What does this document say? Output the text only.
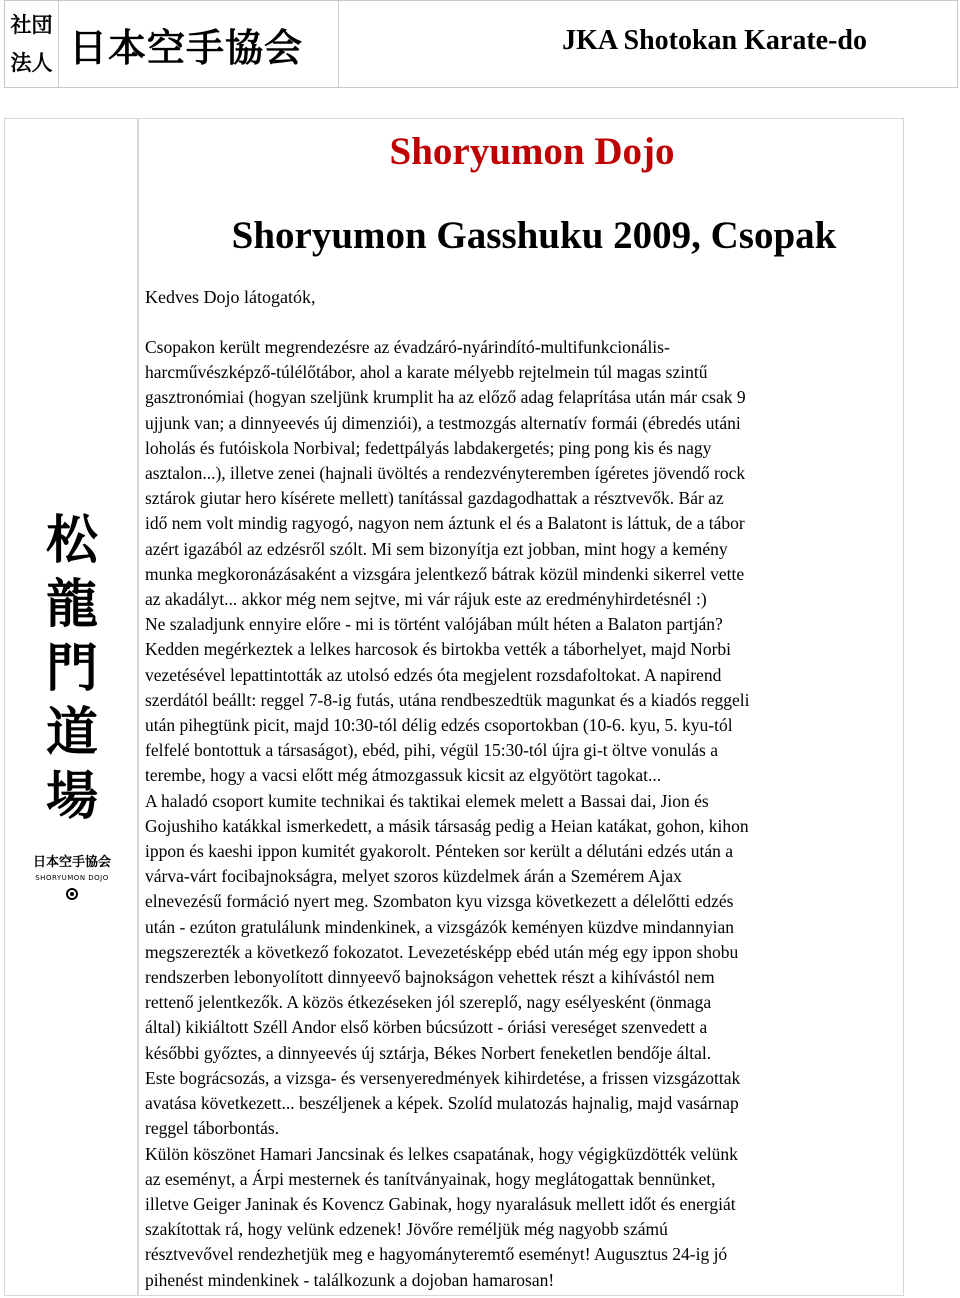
社団
法人 日本空手協会	JKA Shotokan Karate-do
松
龍
門
道
場
日本空手協会
SHORYUMON DOJO
Shoryumon Dojo
Shoryumon Gasshuku 2009, Csopak
Kedves Dojo látogatók,
Csopakon került megrendezésre az évadzáró-nyárindító-multifunkcionális-
harcművészképző-túlélőtábor, ahol a karate mélyebb rejtelmein túl magas szintű
gasztronómiai (hogyan szeljünk krumplit ha az előző adag felaprítása után már csak 9
ujjunk van; a dinnyeevés új dimenziói), a testmozgás alternatív formái (ébredés utáni
loholás és futóiskola Norbival; fedettpályás labdakergetés; ping pong kis és nagy
asztalon...), illetve zenei (hajnali üvöltés a rendezvényteremben ígéretes jövendő rock
sztárok giutar hero kísérete mellett) tanítással gazdagodhattak a résztvevők. Bár az
idő nem volt mindig ragyogó, nagyon nem áztunk el és a Balatont is láttuk, de a tábor
azért igazából az edzésről szólt. Mi sem bizonyítja ezt jobban, mint hogy a kemény
munka megkoronázásaként a vizsgára jelentkező bátrak közül mindenki sikerrel vette
az akadályt... akkor még nem sejtve, mi vár rájuk este az eredményhirdetésnél :)
Ne szaladjunk ennyire előre - mi is történt valójában múlt héten a Balaton partján?
Kedden megérkeztek a lelkes harcosok és birtokba vették a táborhelyet, majd Norbi
vezetésével lepattintották az utolsó edzés óta megjelent rozsdafoltokat. A napirend
szerdától beállt: reggel 7-8-ig futás, utána rendbeszedtük magunkat és a kiadós reggeli
után pihegtünk picit, majd 10:30-tól délig edzés csoportokban (10-6. kyu, 5. kyu-tól
felfelé bontottuk a társaságot), ebéd, pihi, végül 15:30-tól újra gi-t öltve vonulás a
terembe, hogy a vacsi előtt még átmozgassuk kicsit az elgyötört tagokat...
A haladó csoport kumite technikai és taktikai elemek melett a Bassai dai, Jion és
Gojushiho katákkal ismerkedett, a másik társaság pedig a Heian katákat, gohon, kihon
ippon és kaeshi ippon kumitét gyakorolt. Pénteken sor került a délutáni edzés után a
várva-várt focibajnokságra, melyet szoros küzdelmek árán a Szemérem Ajax
elnevezésű formáció nyert meg. Szombaton kyu vizsga következett a délelőtti edzés
után - ezúton gratulálunk mindenkinek, a vizsgázók keményen küzdve mindannyian
megszerezték a következő fokozatot. Levezetésképp ebéd után még egy ippon shobu
rendszerben lebonyolított dinnyeevő bajnokságon vehettek részt a kihívástól nem
rettenő jelentkezők. A közös étkezéseken jól szereplő, nagy esélyesként (önmaga
által) kikiáltott Széll Andor első körben búcsúzott - óriási vereséget szenvedett a
későbbi győztes, a dinnyeevés új sztárja, Békes Norbert feneketlen bendője által.
Este bográcsozás, a vizsga- és versenyeredmények kihirdetése, a frissen vizsgázottak
avatása következett... beszéljenek a képek. Szolíd mulatozás hajnalig, majd vasárnap
reggel táborbontás.
Külön köszönet Hamari Jancsinak és lelkes csapatának, hogy végigküzdötték velünk
az eseményt, a Árpi mesternek és tanítványainak, hogy meglátogattak bennünket,
illetve Geiger Janinak és Kovencz Gabinak, hogy nyaralásuk mellett időt és energiát
szakítottak rá, hogy velünk edzenek! Jövőre reméljük még nagyobb számú
résztvevővel rendezhetjük meg e hagyományteremtő eseményt! Augusztus 24-ig jó
pihenést mindenkinek - találkozunk a dojoban hamarosan!
